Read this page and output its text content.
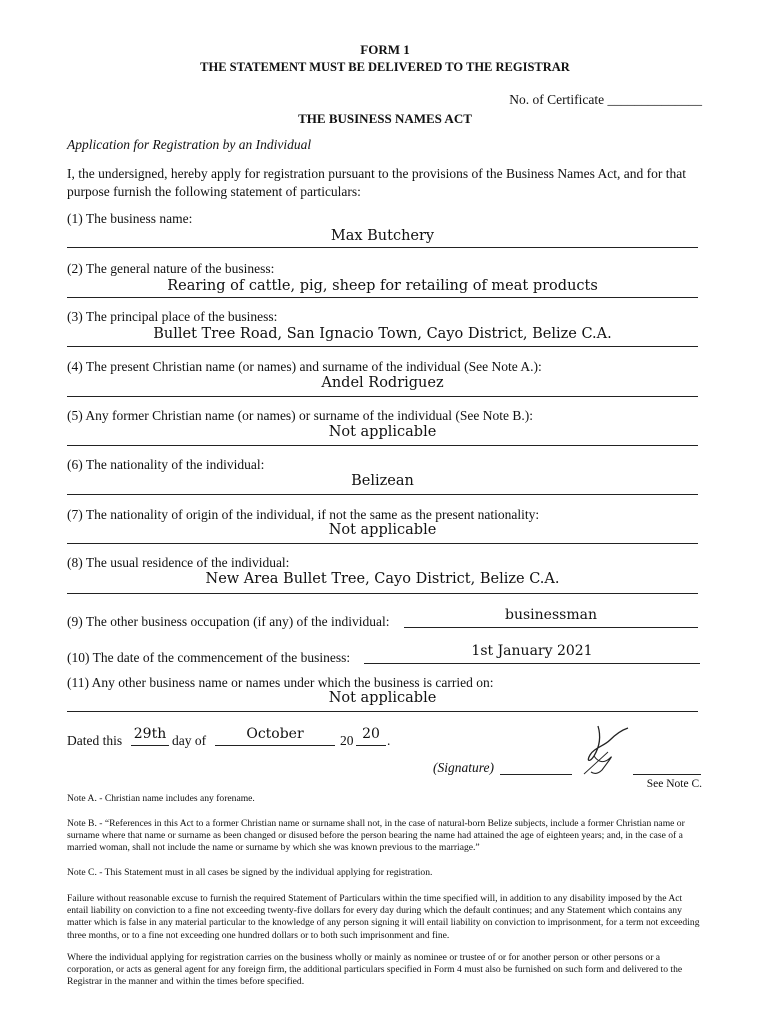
FORM 1
THE STATEMENT MUST BE DELIVERED TO THE REGISTRAR
No. of Certificate ______________
THE BUSINESS NAMES ACT
Application for Registration by an Individual
I, the undersigned, hereby apply for registration pursuant to the provisions of the Business Names Act, and for that purpose furnish the following statement of particulars:
(1) The business name:
Max Butchery
(2) The general nature of the business:
Rearing of cattle, pig, sheep for retailing of meat products
(3) The principal place of the business:
Bullet Tree Road, San Ignacio Town, Cayo District, Belize C.A.
(4) The present Christian name (or names) and surname of the individual (See Note A.):
Andel Rodriguez
(5) Any former Christian name (or names) or surname of the individual (See Note B.):
Not applicable
(6) The nationality of the individual:
Belizean
(7) The nationality of origin of the individual, if not the same as the present nationality:
Not applicable
(8) The usual residence of the individual:
New Area Bullet Tree, Cayo District, Belize C.A.
(9) The other business occupation (if any) of the individual:	businessman
(10) The date of the commencement of the business:	1st January 2021
(11) Any other business name or names under which the business is carried on:
Not applicable
Dated this 29th day of	October	20 20 .
(Signature)
See Note C.
Note A. - Christian name includes any forename.
Note B. - “References in this Act to a former Christian name or surname shall not, in the case of natural-born Belize subjects, include a former Christian name or surname where that name or surname as been changed or disused before the person bearing the name had attained the age of eighteen years; and, in the case of a married woman, shall not include the name or surname by which she was known previous to the marriage.”
Note C. - This Statement must in all cases be signed by the individual applying for registration.
Failure without reasonable excuse to furnish the required Statement of Particulars within the time specified will, in addition to any disability imposed by the Act entail liability on conviction to a fine not exceeding twenty-five dollars for every day during which the default continues; and any Statement which contains any matter which is false in any material particular to the knowledge of any person signing it will entail liability on conviction to imprisonment, for a term not exceeding three months, or to a fine not exceeding one hundred dollars or to both such imprisonment and fine.
Where the individual applying for registration carries on the business wholly or mainly as nominee or trustee of or for another person or other persons or a corporation, or acts as general agent for any foreign firm, the additional particulars specified in Form 4 must also be furnished on such form and delivered to the Registrar in the manner and within the times before specified.
